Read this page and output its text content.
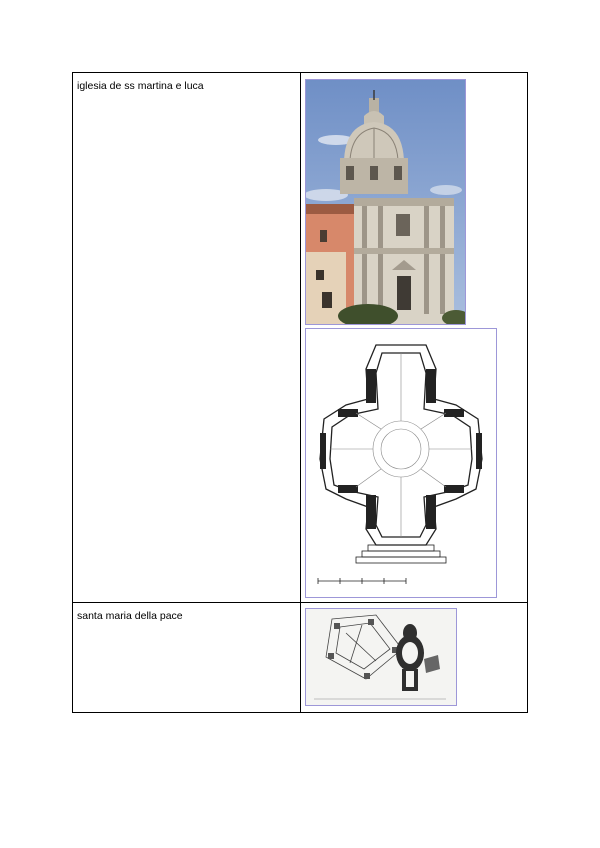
iglesia de ss martina e luca

santa maria della pace
